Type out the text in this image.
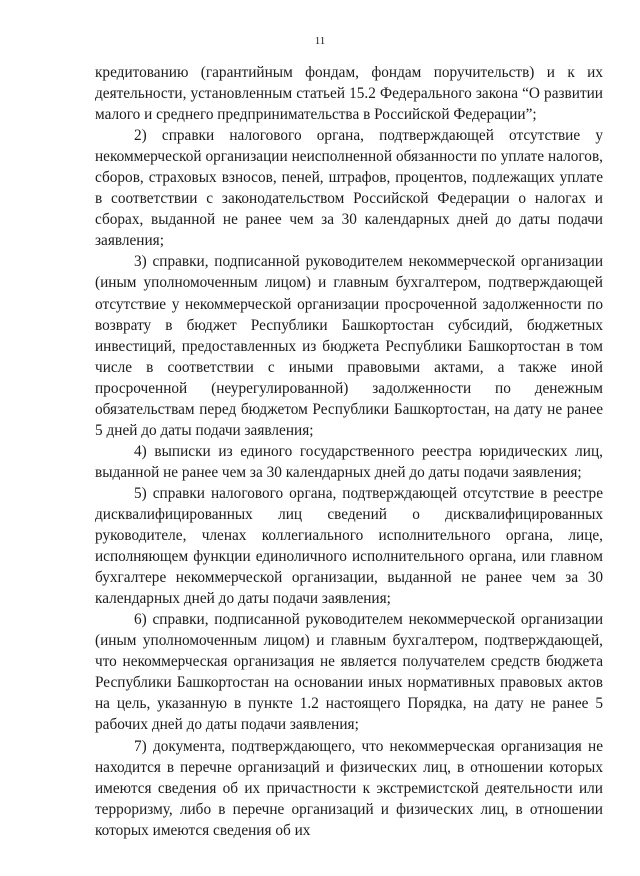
11

кредитованию (гарантийным фондам, фондам поручительств) и к их деятельности, установленным статьей 15.2 Федерального закона “О развитии малого и среднего предпринимательства в Российской Федерации”;

2) справки налогового органа, подтверждающей отсутствие у некоммерческой организации неисполненной обязанности по уплате налогов, сборов, страховых взносов, пеней, штрафов, процентов, подлежащих уплате в соответствии с законодательством Российской Федерации о налогах и сборах, выданной не ранее чем за 30 календарных дней до даты подачи заявления;

3) справки, подписанной руководителем некоммерческой организации (иным уполномоченным лицом) и главным бухгалтером, подтверждающей отсутствие у некоммерческой организации просроченной задолженности по возврату в бюджет Республики Башкортостан субсидий, бюджетных инвестиций, предоставленных из бюджета Республики Башкортостан в том числе в соответствии с иными правовыми актами, а также иной просроченной (неурегулированной) задолженности по денежным обязательствам перед бюджетом Республики Башкортостан, на дату не ранее 5 дней до даты подачи заявления;

4) выписки из единого государственного реестра юридических лиц, выданной не ранее чем за 30 календарных дней до даты подачи заявления;

5) справки налогового органа, подтверждающей отсутствие в реестре дисквалифицированных лиц сведений о дисквалифицированных руководителе, членах коллегиального исполнительного органа, лице, исполняющем функции единоличного исполнительного органа, или главном бухгалтере некоммерческой организации, выданной не ранее чем за 30 календарных дней до даты подачи заявления;

6) справки, подписанной руководителем некоммерческой организации (иным уполномоченным лицом) и главным бухгалтером, подтверждающей, что некоммерческая организация не является получателем средств бюджета Республики Башкортостан на основании иных нормативных правовых актов на цель, указанную в пункте 1.2 настоящего Порядка, на дату не ранее 5 рабочих дней до даты подачи заявления;

7) документа, подтверждающего, что некоммерческая организация не находится в перечне организаций и физических лиц, в отношении которых имеются сведения об их причастности к экстремистской деятельности или терроризму, либо в перечне организаций и физических лиц, в отношении которых имеются сведения об их
